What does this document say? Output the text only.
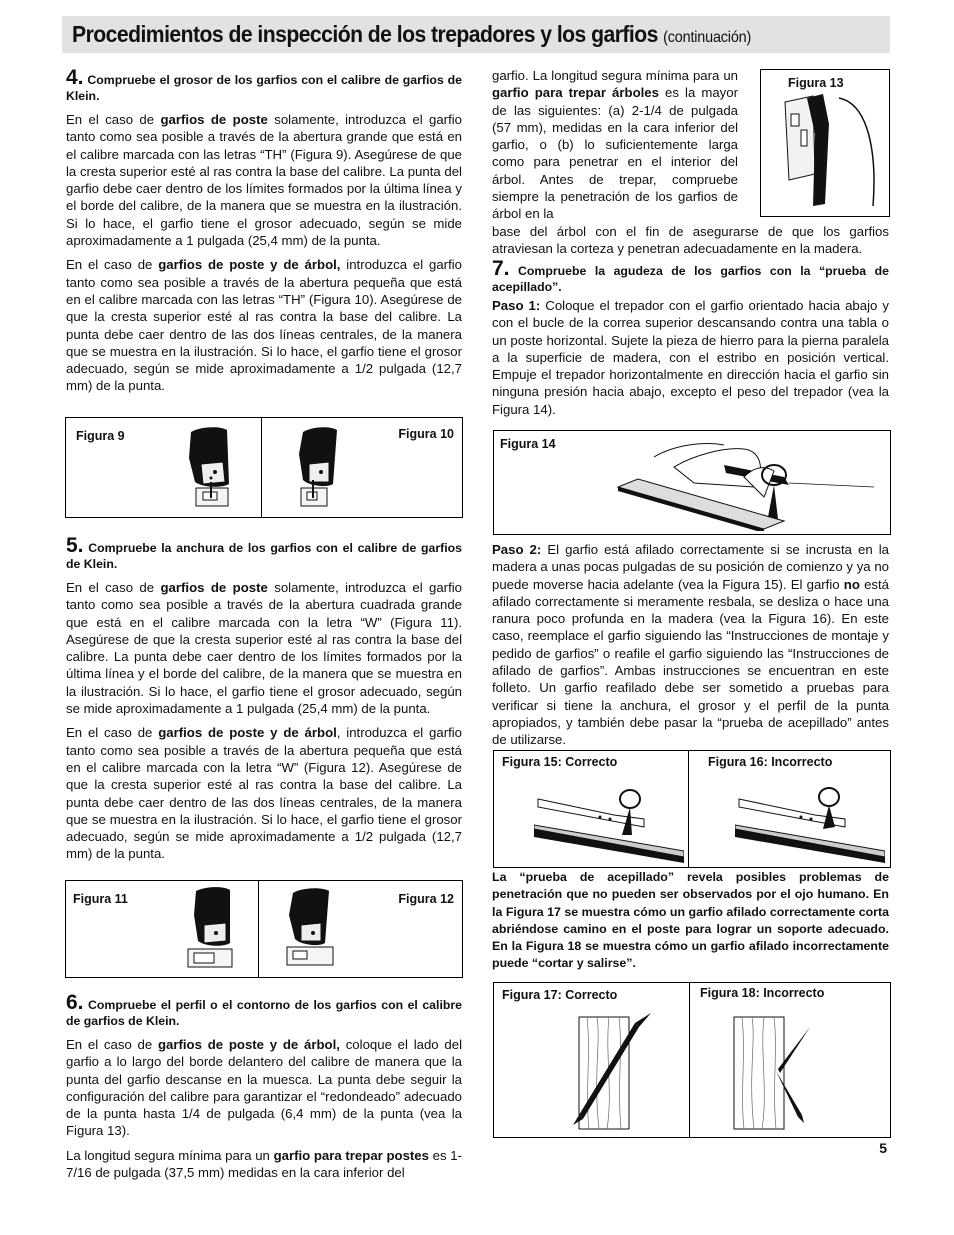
Procedimientos de inspección de los trepadores y los garfios (continuación)
4. Compruebe el grosor de los garfios con el calibre de garfios de Klein.

En el caso de garfios de poste solamente, introduzca el garfio tanto como sea posible a través de la abertura grande que está en el calibre marcada con las letras “TH” (Figura 9). Asegúrese de que la cresta superior esté al ras contra la base del calibre. La punta del garfio debe caer dentro de los límites formados por la última línea y el borde del calibre, de la manera que se muestra en la ilustración. Si lo hace, el garfio tiene el grosor adecuado, según se mide aproximadamente a 1 pulgada (25,4 mm) de la punta.

En el caso de garfios de poste y de árbol, introduzca el garfio tanto como sea posible a través de la abertura pequeña que está en el calibre marcada con las letras “TH” (Figura 10). Asegúrese de que la cresta superior esté al ras contra la base del calibre. La punta debe caer dentro de las dos líneas centrales, de la manera que se muestra en la ilustración. Si lo hace, el garfio tiene el grosor adecuado, según se mide aproximadamente a 1/2 pulgada (12,7 mm) de la punta.

Figura 9	Figura 10
5. Compruebe la anchura de los garfios con el calibre de garfios de Klein.

En el caso de garfios de poste solamente, introduzca el garfio tanto como sea posible a través de la abertura cuadrada grande que está en el calibre marcada con la letra “W” (Figura 11). Asegúrese de que la cresta superior esté al ras contra la base del calibre. La punta debe caer dentro de los límites formados por la última línea y el borde del calibre, de la manera que se muestra en la ilustración. Si lo hace, el garfio tiene el grosor adecuado, según se mide aproximadamente a 1 pulgada (25,4 mm) de la punta.

En el caso de garfios de poste y de árbol, introduzca el garfio tanto como sea posible a través de la abertura pequeña que está en el calibre marcada con la letra “W” (Figura 12). Asegúrese de que la cresta superior esté al ras contra la base del calibre. La punta debe caer dentro de las dos líneas centrales, de la manera que se muestra en la ilustración. Si lo hace, el garfio tiene el grosor adecuado, según se mide aproximadamente a 1/2 pulgada (12,7 mm) de la punta.

Figura 11	Figura 12
6. Compruebe el perfil o el contorno de los garfios con el calibre de garfios de Klein.

En el caso de garfios de poste y de árbol, coloque el lado del garfio a lo largo del borde delantero del calibre de manera que la punta del garfio descanse en la muesca. La punta debe seguir la configuración del calibre para garantizar el “redondeado” adecuado de la punta hasta 1/4 de pulgada (6,4 mm) de la punta (vea la Figura 13).

La longitud segura mínima para un garfio para trepar postes es 1-7/16 de pulgada (37,5 mm) medidas en la cara inferior del

garfio. La longitud segura mínima para un garfio para trepar árboles es la mayor de las siguientes: (a) 2-1/4 de pulgada (57 mm), medidas en la cara inferior del garfio, o (b) lo suficientemente larga como para penetrar en el interior del árbol. Antes de trepar, compruebe siempre la penetración de los garfios de árbol en la

Figura 13

base del árbol con el fin de asegurarse de que los garfios atraviesan la corteza y penetran adecuadamente en la madera.

7. Compruebe la agudeza de los garfios con la “prueba de acepillado”.

Paso 1: Coloque el trepador con el garfio orientado hacia abajo y con el bucle de la correa superior descansando contra una tabla o un poste horizontal. Sujete la pieza de hierro para la pierna paralela a la superficie de madera, con el estribo en posición vertical. Empuje el trepador horizontalmente en dirección hacia el garfio sin ninguna presión hacia abajo, excepto el peso del trepador (vea la Figura 14).

Figura 14

Paso 2: El garfio está afilado correctamente si se incrusta en la madera a unas pocas pulgadas de su posición de comienzo y ya no puede moverse hacia adelante (vea la Figura 15). El garfio no está afilado correctamente si meramente resbala, se desliza o hace una ranura poco profunda en la madera (vea la Figura 16). En este caso, reemplace el garfio siguiendo las “Instrucciones de montaje y pedido de garfios” o reafile el garfio siguiendo las “Instrucciones de afilado de garfios”. Ambas instrucciones se encuentran en este folleto. Un garfio reafilado debe ser sometido a pruebas para verificar si tiene la anchura, el grosor y el perfil de la punta apropiados, y también debe pasar la “prueba de acepillado” antes de utilizarse.

Figura 15: Correcto	Figura 16: Incorrecto

La “prueba de acepillado” revela posibles problemas de penetración que no pueden ser observados por el ojo humano. En la Figura 17 se muestra cómo un garfio afilado correctamente corta abriéndose camino en el poste para lograr un soporte adecuado. En la Figura 18 se muestra cómo un garfio afilado incorrectamente puede “cortar y salirse”.

Figura 17: Correcto	Figura 18: Incorrecto
5
